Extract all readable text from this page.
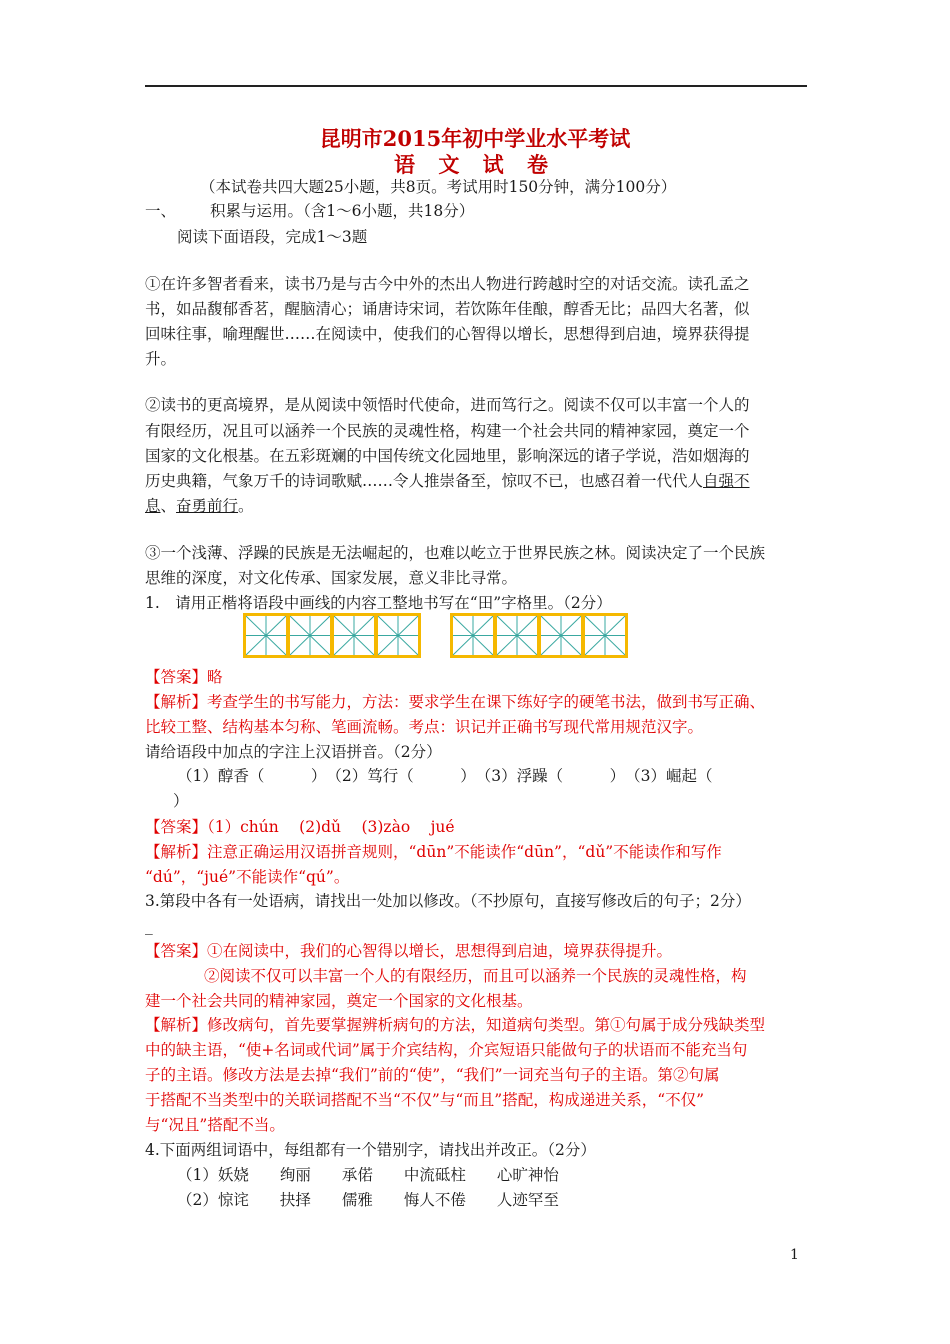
昆明市2015年初中学业水平考试
语 文 试 卷
（本试卷共四大题25小题，共8页。考试用时150分钟，满分100分）
一、	积累与运用。（含1～6小题，共18分）
阅读下面语段，完成1～3题
①在许多智者看来，读书乃是与古今中外的杰出人物进行跨越时空的对话交流。读孔孟之
书，如品馥郁香茗，醒脑清心；诵唐诗宋词，若饮陈年佳酿，醇香无比；品四大名著，似
回味往事，喻理醒世……在阅读中，使我们的心智得以增长，思想得到启迪，境界获得提
升。
②读书的更高境界，是从阅读中领悟时代使命，进而笃行之。阅读不仅可以丰富一个人的
有限经历，况且可以涵养一个民族的灵魂性格，构建一个社会共同的精神家园，奠定一个
国家的文化根基。在五彩斑斓的中国传统文化园地里，影响深远的诸子学说，浩如烟海的
历史典籍，气象万千的诗词歌赋……令人推崇备至，惊叹不已，也感召着一代代人自强不
息、奋勇前行。
③一个浅薄、浮躁的民族是无法崛起的，也难以屹立于世界民族之林。阅读决定了一个民族
思维的深度，对文化传承、国家发展，意义非比寻常。
1.　请用正楷将语段中画线的内容工整地书写在“田”字格里。（2分）
【答案】略
【解析】考查学生的书写能力，方法：要求学生在课下练好字的硬笔书法，做到书写正确、
比较工整、结构基本匀称、笔画流畅。考点：识记并正确书写现代常用规范汉字。
请给语段中加点的字注上汉语拼音。（2分）
（1）醇香（　　　）　（2）笃行（　　　）　（3）浮躁（　　　）　（3）崛起（
）
【答案】（1）chún　 (2)dǔ　 (3)zào　 jué
【解析】注意正确运用汉语拼音规则，“dūn”不能读作“dūn”，“dǔ”不能读作和写作
“dú”，“jué”不能读作“qú”。
3.第段中各有一处语病，请找出一处加以修改。（不抄原句，直接写修改后的句子；2分）
_
【答案】①在阅读中，我们的心智得以增长，思想得到启迪，境界获得提升。
②阅读不仅可以丰富一个人的有限经历，而且可以涵养一个民族的灵魂性格，构
建一个社会共同的精神家园，奠定一个国家的文化根基。
【解析】修改病句，首先要掌握辨析病句的方法，知道病句类型。第①句属于成分残缺类型
中的缺主语，“使+名词或代词”属于介宾结构，介宾短语只能做句子的状语而不能充当句
子的主语。修改方法是去掉“我们”前的“使”，“我们”一词充当句子的主语。第②句属
于搭配不当类型中的关联词搭配不当“不仅”与“而且”搭配，构成递进关系，“不仅”
与“况且”搭配不当。
4.下面两组词语中，每组都有一个错别字，请找出并改正。（2分）
（1）妖娆　　绚丽　　承偌　　中流砥柱　　心旷神怡
（2）惊诧　　抉择　　儒雅　　悔人不倦　　人迹罕至
1
